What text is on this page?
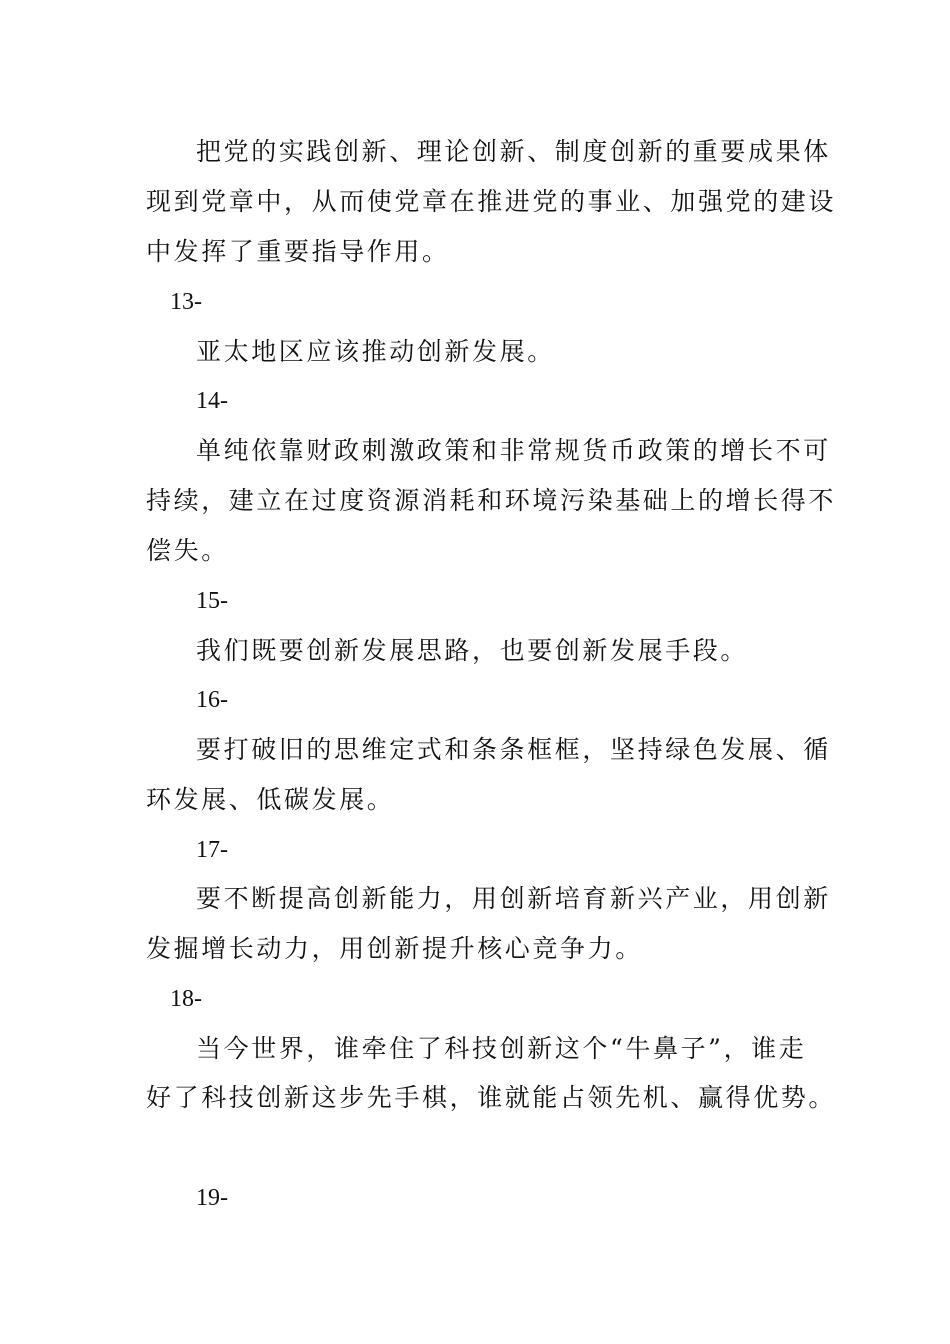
把党的实践创新、理论创新、制度创新的重要成果体
现到党章中，从而使党章在推进党的事业、加强党的建设
中发挥了重要指导作用。
13-
亚太地区应该推动创新发展。
14-
单纯依靠财政刺激政策和非常规货币政策的增长不可
持续，建立在过度资源消耗和环境污染基础上的增长得不
偿失。
15-
我们既要创新发展思路，也要创新发展手段。
16-
要打破旧的思维定式和条条框框，坚持绿色发展、循
环发展、低碳发展。
17-
要不断提高创新能力，用创新培育新兴产业，用创新
发掘增长动力，用创新提升核心竞争力。
18-
当今世界，谁牵住了科技创新这个“牛鼻子”，谁走
好了科技创新这步先手棋，谁就能占领先机、赢得优势。
19-
